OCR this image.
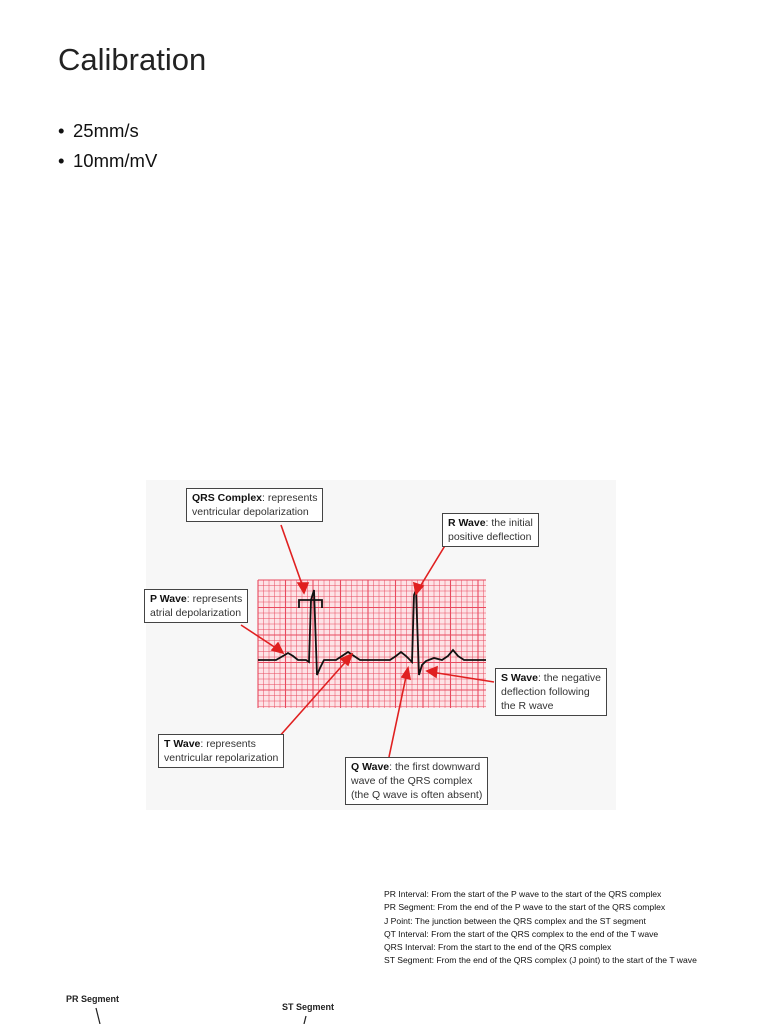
Calibration
• 25mm/s
• 10mm/mV
QRS Complex: represents
ventricular depolarization
R Wave: the initial
positive deflection
P Wave: represents
atrial depolarization
S Wave: the negative
deflection following
the R wave
T Wave: represents
ventricular repolarization
Q Wave: the first downward
wave of the QRS complex
(the Q wave is often absent)
PR Interval: From the start of the P wave to the start of the QRS complex
PR Segment: From the end of the P wave to the start of the QRS complex
J Point: The junction between the QRS complex and the ST segment
QT Interval: From the start of the QRS complex to the end of the T wave
QRS Interval: From the start to the end of the QRS complex
ST Segment: From the end of the QRS complex (J point) to the start of the T wave
PR Segment
ST Segment
